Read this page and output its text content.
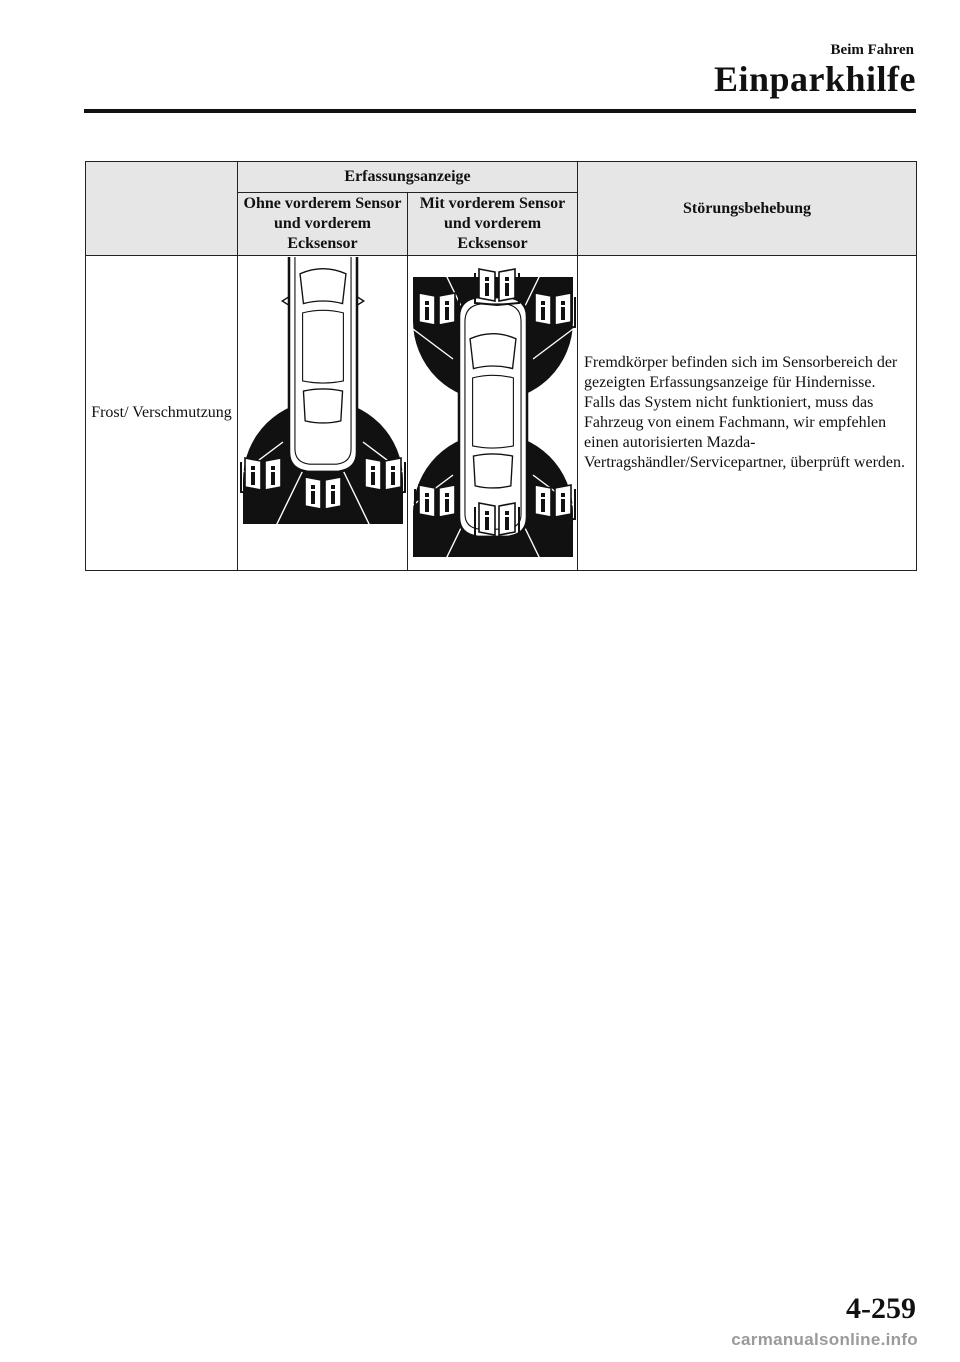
Beim Fahren
Einparkhilfe
	Erfassungsanzeige		Störungsbehebung
	Ohne vorderem Sensor und vorderem Ecksensor	Mit vorderem Sensor und vorderem Ecksensor	
Frost/ Verschmutzung			Fremdkörper befinden sich im Sensorbereich der gezeigten Erfassungsanzeige für Hindernisse. Falls das System nicht funktioniert, muss das Fahrzeug von einem Fachmann, wir empfehlen einen autorisierten Mazda-Vertragshändler/Servicepartner, überprüft werden.
4-259
carmanualsonline.info
